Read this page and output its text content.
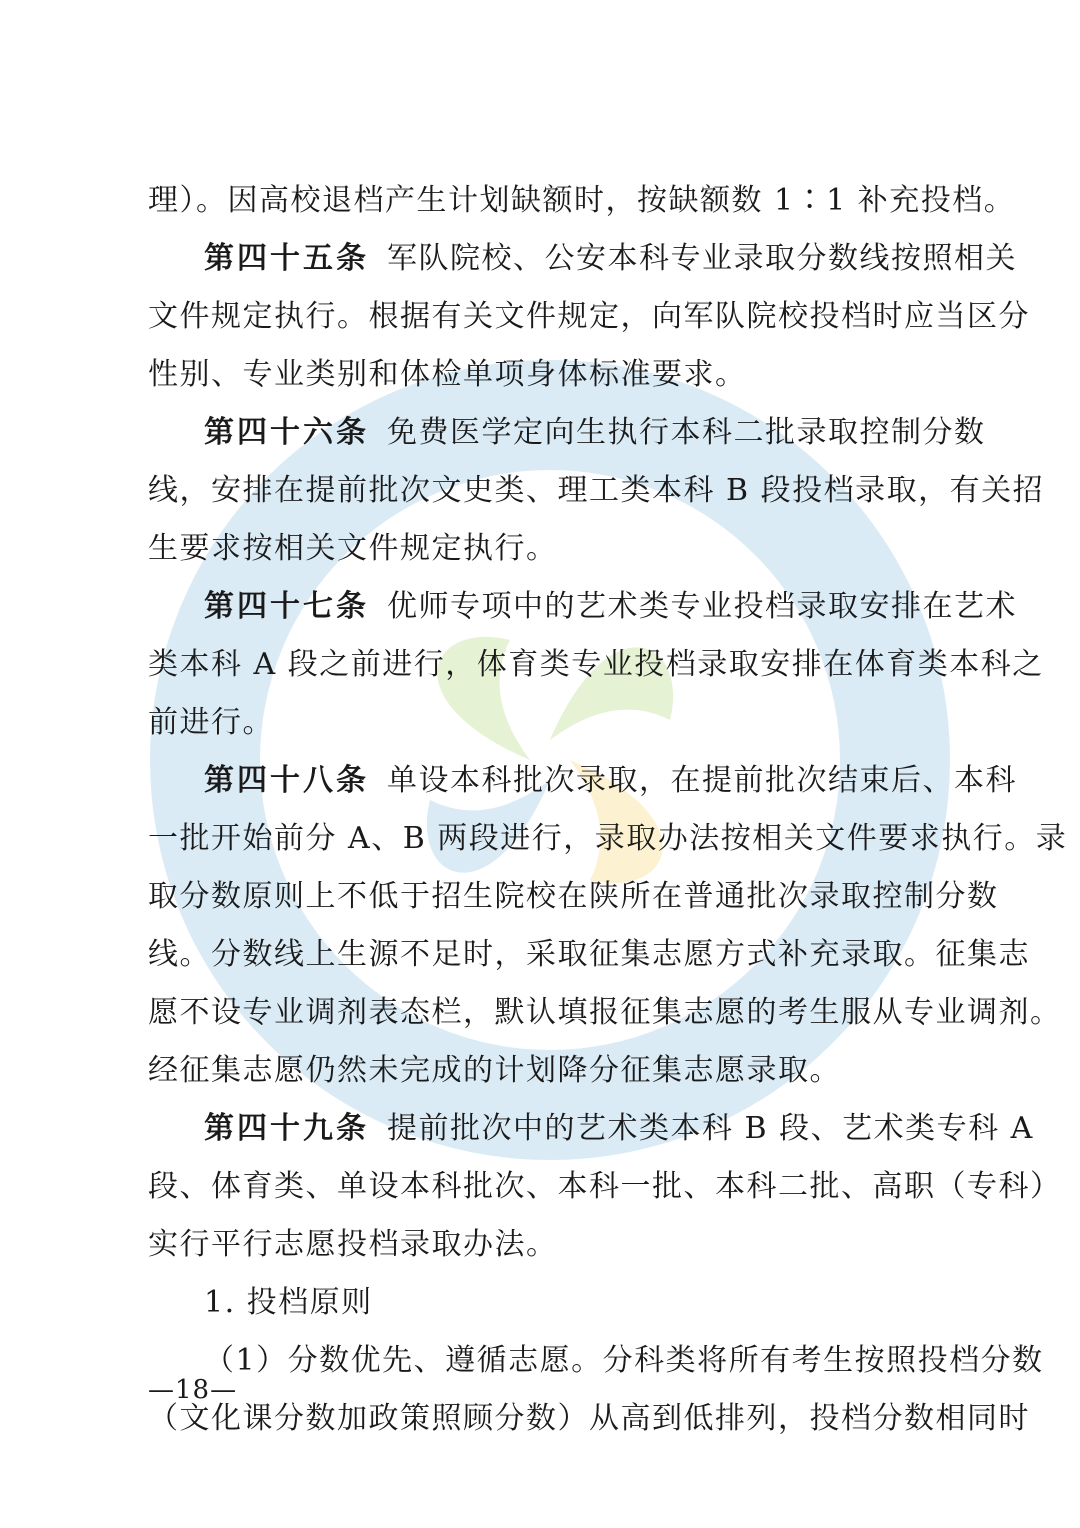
理）。因高校退档产生计划缺额时，按缺额数 1∶1 补充投档。
第四十五条 军队院校、公安本科专业录取分数线按照相关
文件规定执行。根据有关文件规定，向军队院校投档时应当区分
性别、专业类别和体检单项身体标准要求。
第四十六条 免费医学定向生执行本科二批录取控制分数
线，安排在提前批次文史类、理工类本科 B 段投档录取，有关招
生要求按相关文件规定执行。
第四十七条 优师专项中的艺术类专业投档录取安排在艺术
类本科 A 段之前进行，体育类专业投档录取安排在体育类本科之
前进行。
第四十八条 单设本科批次录取，在提前批次结束后、本科
一批开始前分 A、B 两段进行，录取办法按相关文件要求执行。录
取分数原则上不低于招生院校在陕所在普通批次录取控制分数
线。分数线上生源不足时，采取征集志愿方式补充录取。征集志
愿不设专业调剂表态栏，默认填报征集志愿的考生服从专业调剂。
经征集志愿仍然未完成的计划降分征集志愿录取。
第四十九条 提前批次中的艺术类本科 B 段、艺术类专科 A
段、体育类、单设本科批次、本科一批、本科二批、高职（专科）
实行平行志愿投档录取办法。
1. 投档原则
（1）分数优先、遵循志愿。分科类将所有考生按照投档分数
（文化课分数加政策照顾分数）从高到低排列，投档分数相同时
—18—
